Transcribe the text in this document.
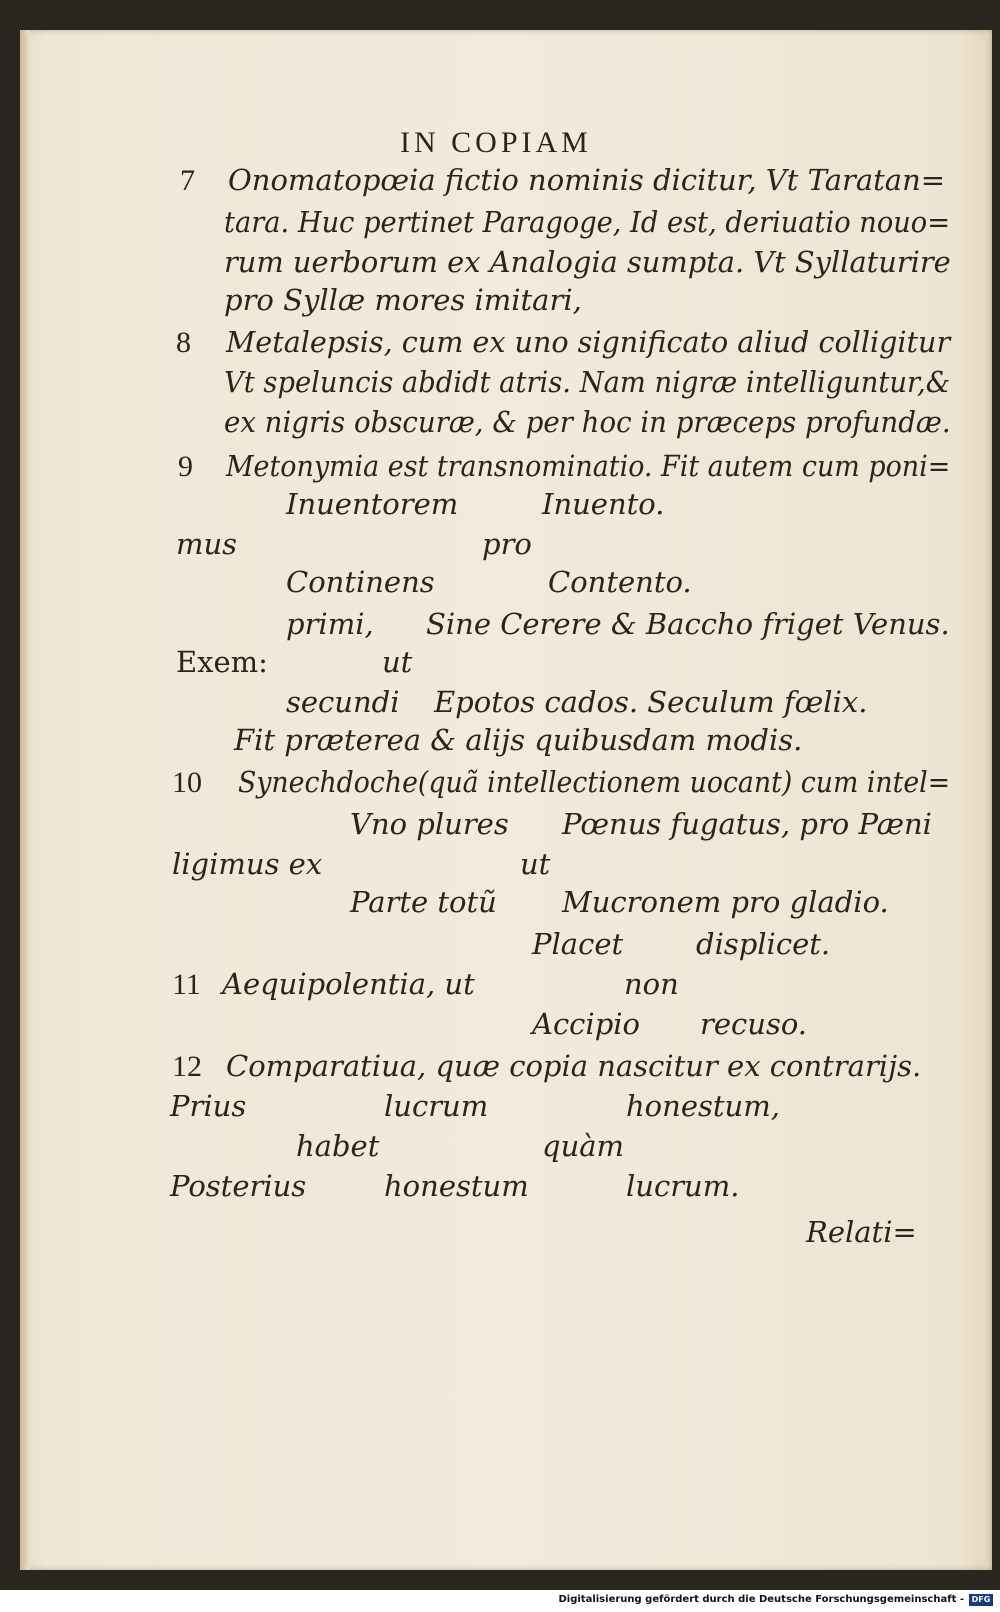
IN COPIAM
7 Onomatopœia fictio nominis dicitur, Vt Taratan=
tara. Huc pertinet Paragoge, Id est, deriuatio nouo=
rum uerborum ex Analogia sumpta. Vt Syllaturire
pro Syllæ mores imitari,
8 Metalepsis, cum ex uno significato aliud colligitur
Vt speluncis abdidt atris. Nam nigræ intelliguntur,&
ex nigris obscuræ, & per hoc in præceps profundæ.
9 Metonymia est transnominatio. Fit autem cum poni=
Inuentorem	Inuento.
mus	pro
Continens	Contento.
primi, Sine Cerere & Baccho friget Venus.
Exem:	ut
secundi Epotos cados. Seculum fœlix.
Fit præterea & alijs quibusdam modis.
10 Synechdoche(quã intellectionem uocant) cum intel=
Vno plures Pœnus fugatus, pro Pæni
ligimus ex	ut
Parte totũ Mucronem pro gladio.
Placet	displicet.
11 Aequipolentia, ut	non
Accipio recuso.
12 Comparatiua, quæ copia nascitur ex contrarijs.
Prius	lucrum	honestum,
habet	quàm
Posterius	honestum	lucrum.
Relati=
Digitalisierung gefördert durch die Deutsche Forschungsgemeinschaft - DFG
